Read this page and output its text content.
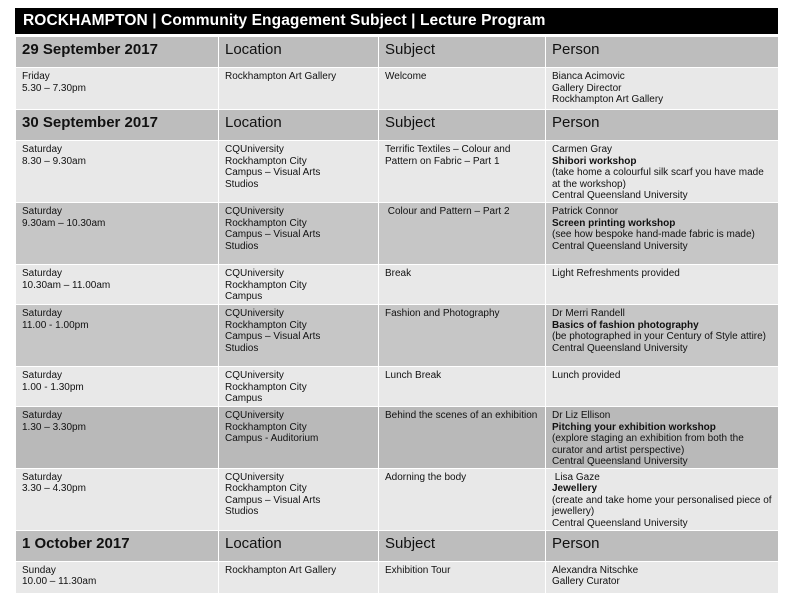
ROCKHAMPTON | Community Engagement Subject | Lecture Program
29 September 2017	Location	Subject	Person

Friday
5.30 – 7.30pm	Rockhampton Art Gallery	Welcome	Bianca Acimovic
Gallery Director
Rockhampton Art Gallery

30 September 2017	Location	Subject	Person

Saturday
8.30 – 9.30am	CQUniversity
Rockhampton City
Campus – Visual Arts
Studios	Terrific Textiles – Colour and Pattern on Fabric – Part 1	Carmen Gray
Shibori workshop
(take home a colourful silk scarf you have made at the workshop)
Central Queensland University

Saturday
9.30am – 10.30am	CQUniversity
Rockhampton City
Campus – Visual Arts
Studios	Colour and Pattern – Part 2	Patrick Connor
Screen printing workshop
(see how bespoke hand-made fabric is made)
Central Queensland University

Saturday
10.30am – 11.00am	CQUniversity
Rockhampton City
Campus	Break	Light Refreshments provided

Saturday
11.00 - 1.00pm	CQUniversity
Rockhampton City
Campus – Visual Arts
Studios	Fashion and Photography	Dr Merri Randell
Basics of fashion photography
(be photographed in your Century of Style attire)
Central Queensland University

Saturday
1.00 - 1.30pm	CQUniversity
Rockhampton City
Campus	Lunch Break	Lunch provided

Saturday
1.30 – 3.30pm	CQUniversity
Rockhampton City
Campus - Auditorium	Behind the scenes of an exhibition	Dr Liz Ellison
Pitching your exhibition workshop
(explore staging an exhibition from both the curator and artist perspective)
Central Queensland University

Saturday
3.30 – 4.30pm	CQUniversity
Rockhampton City
Campus – Visual Arts
Studios	Adorning the body	Lisa Gaze
Jewellery
(create and take home your personalised piece of jewellery)
Central Queensland University

1 October 2017	Location	Subject	Person

Sunday
10.00 – 11.30am	Rockhampton Art Gallery	Exhibition Tour	Alexandra Nitschke
Gallery Curator
